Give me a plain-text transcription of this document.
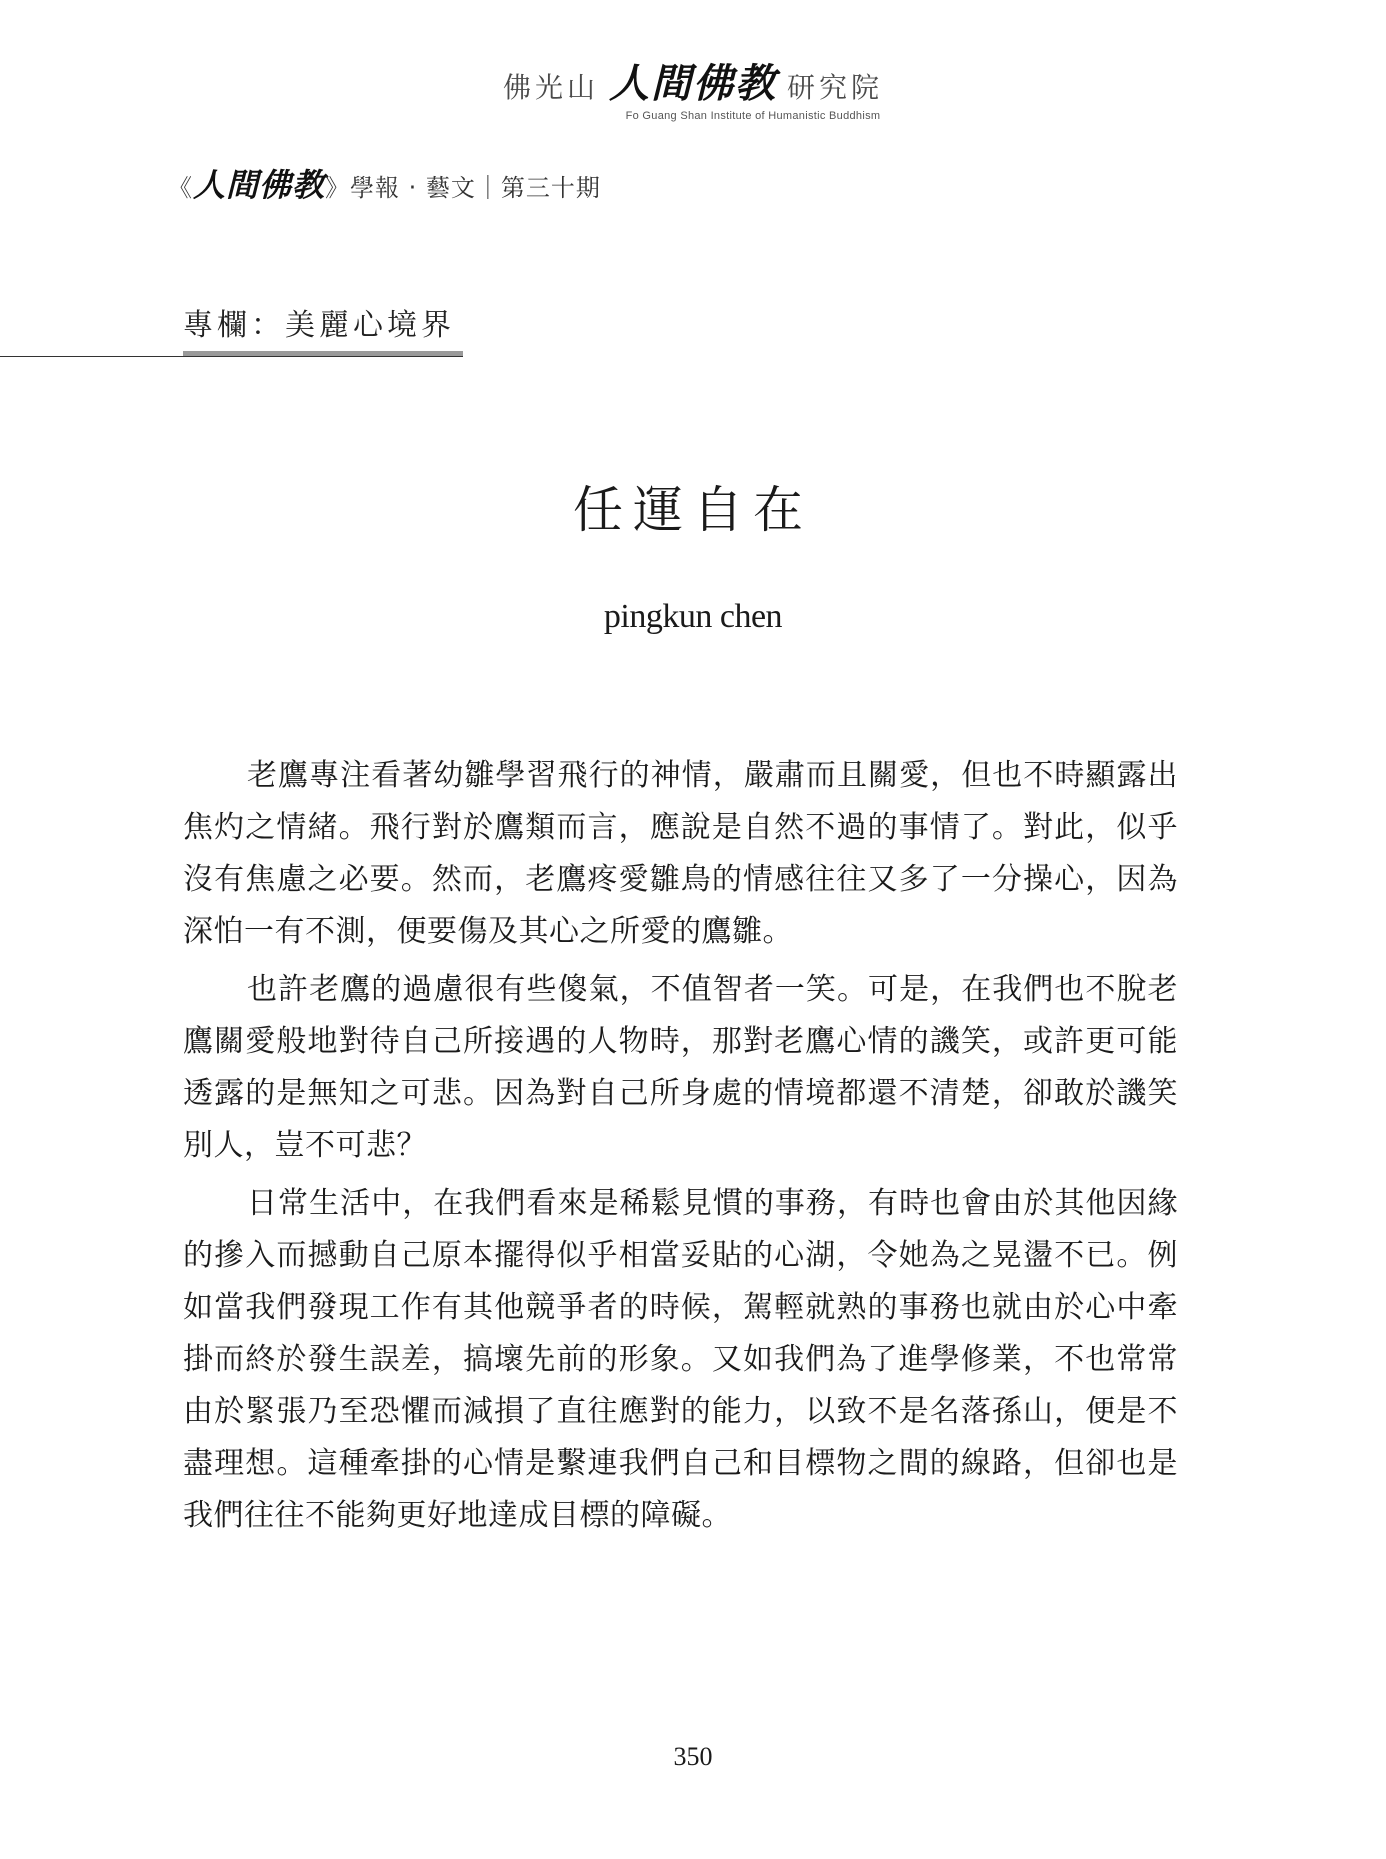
佛光山 人間佛教 研究院
Fo Guang Shan Institute of Humanistic Buddhism
《人間佛教》學報 ‧ 藝文｜第三十期
專欄：美麗心境界
任運自在
pingkun chen

老鷹專注看著幼雛學習飛行的神情，嚴肅而且關愛，但也不時顯露出焦灼之情緒。飛行對於鷹類而言，應說是自然不過的事情了。對此，似乎沒有焦慮之必要。然而，老鷹疼愛雛鳥的情感往往又多了一分操心，因為深怕一有不測，便要傷及其心之所愛的鷹雛。

也許老鷹的過慮很有些傻氣，不值智者一笑。可是，在我們也不脫老鷹關愛般地對待自己所接遇的人物時，那對老鷹心情的譏笑，或許更可能透露的是無知之可悲。因為對自己所身處的情境都還不清楚，卻敢於譏笑別人，豈不可悲？

日常生活中，在我們看來是稀鬆見慣的事務，有時也會由於其他因緣的摻入而撼動自己原本擺得似乎相當妥貼的心湖，令她為之晃盪不已。例如當我們發現工作有其他競爭者的時候，駕輕就熟的事務也就由於心中牽掛而終於發生誤差，搞壞先前的形象。又如我們為了進學修業，不也常常由於緊張乃至恐懼而減損了直往應對的能力，以致不是名落孫山，便是不盡理想。這種牽掛的心情是繫連我們自己和目標物之間的線路，但卻也是我們往往不能夠更好地達成目標的障礙。

350
